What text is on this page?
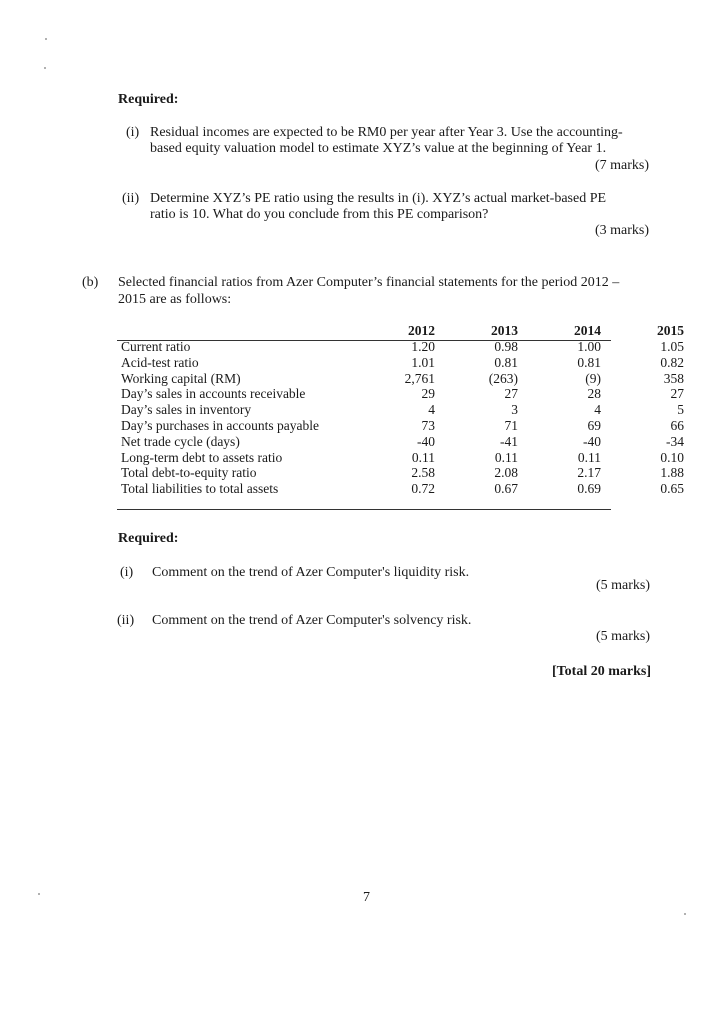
Required:
(i) Residual incomes are expected to be RM0 per year after Year 3. Use the accounting-
based equity valuation model to estimate XYZ’s value at the beginning of Year 1.
(7 marks)
(ii) Determine XYZ’s PE ratio using the results in (i). XYZ’s actual market-based PE
ratio is 10. What do you conclude from this PE comparison?
(3 marks)
(b) Selected financial ratios from Azer Computer’s financial statements for the period 2012 –
2015 are as follows:
	2012	2013	2014	2015
Current ratio	1.20	0.98	1.00	1.05
Acid-test ratio	1.01	0.81	0.81	0.82
Working capital (RM)	2,761	(263)	(9)	358
Day’s sales in accounts receivable	29	27	28	27
Day’s sales in inventory	4	3	4	5
Day’s purchases in accounts payable	73	71	69	66
Net trade cycle (days)	-40	-41	-40	-34
Long-term debt to assets ratio	0.11	0.11	0.11	0.10
Total debt-to-equity ratio	2.58	2.08	2.17	1.88
Total liabilities to total assets	0.72	0.67	0.69	0.65
Required:
(i) Comment on the trend of Azer Computer's liquidity risk.
(5 marks)
(ii) Comment on the trend of Azer Computer's solvency risk.
(5 marks)
[Total 20 marks]
7
